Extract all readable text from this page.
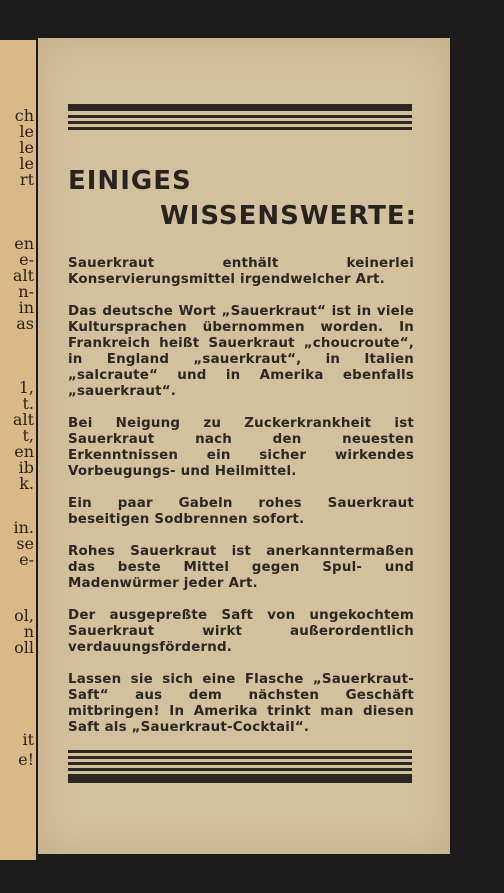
ch
le
le
le
rt
en
e-
alt
n-
in
as
1,
t.
alt
t,
en
ib
k.
in.
se
e-
ol,
n
oll
it
e!
EINIGES
WISSENSWERTE:

Sauerkraut enthält keinerlei Konservierungsmittel irgendwelcher Art.

Das deutsche Wort „Sauerkraut“ ist in viele Kultursprachen übernommen worden. In Frankreich heißt Sauerkraut „choucroute“, in England „sauerkraut“, in Italien „salcraute“ und in Amerika ebenfalls „sauerkraut“.

Bei Neigung zu Zuckerkrankheit ist Sauerkraut nach den neuesten Erkenntnissen ein sicher wirkendes Vorbeugungs- und Heilmittel.

Ein paar Gabeln rohes Sauerkraut beseitigen Sodbrennen sofort.

Rohes Sauerkraut ist anerkanntermaßen das beste Mittel gegen Spul- und Madenwürmer jeder Art.

Der ausgepreßte Saft von ungekochtem Sauerkraut wirkt außerordentlich verdauungsfördernd.

Lassen sie sich eine Flasche „Sauerkraut-Saft“ aus dem nächsten Geschäft mitbringen! In Amerika trinkt man diesen Saft als „Sauerkraut-Cocktail“.
